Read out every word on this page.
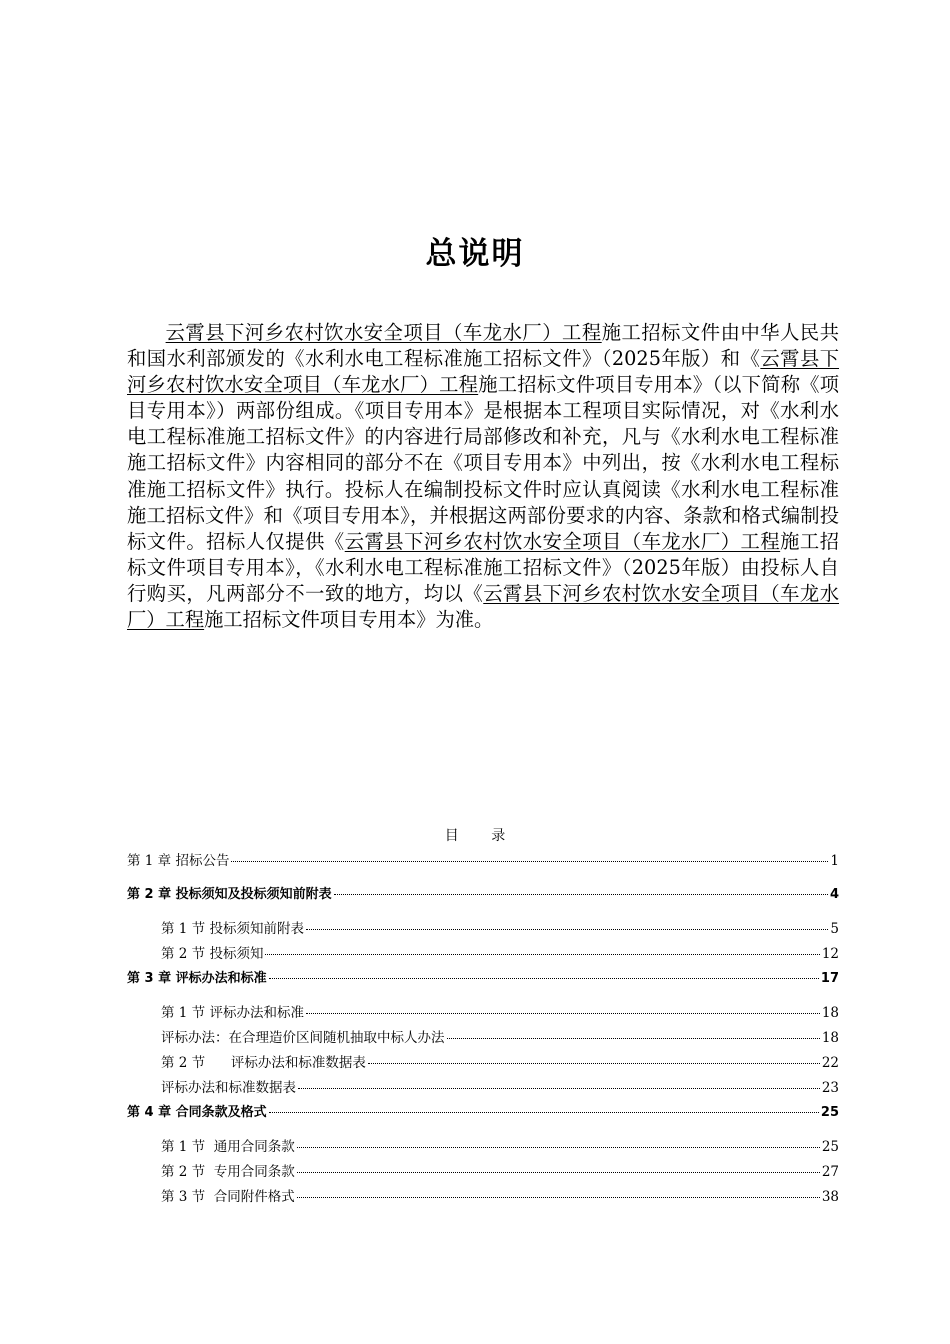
总说明

云霄县下河乡农村饮水安全项目（车龙水厂）工程施工招标文件由中华人民共和国水利部颁发的《水利水电工程标准施工招标文件》（2025年版）和《云霄县下河乡农村饮水安全项目（车龙水厂）工程施工招标文件项目专用本》（以下简称《项目专用本》）两部份组成。《项目专用本》是根据本工程项目实际情况，对《水利水电工程标准施工招标文件》的内容进行局部修改和补充，凡与《水利水电工程标准施工招标文件》内容相同的部分不在《项目专用本》中列出，按《水利水电工程标准施工招标文件》执行。投标人在编制投标文件时应认真阅读《水利水电工程标准施工招标文件》和《项目专用本》，并根据这两部份要求的内容、条款和格式编制投标文件。招标人仅提供《云霄县下河乡农村饮水安全项目（车龙水厂）工程施工招标文件项目专用本》，《水利水电工程标准施工招标文件》（2025年版）由投标人自行购买，凡两部分不一致的地方，均以《云霄县下河乡农村饮水安全项目（车龙水厂）工程施工招标文件项目专用本》为准。

目 录
第 1 章 招标公告	1
第 2 章 投标须知及投标须知前附表	4
第 1 节 投标须知前附表	5
第 2 节 投标须知	12
第 3 章 评标办法和标准	17
第 1 节 评标办法和标准	18
评标办法：在合理造价区间随机抽取中标人办法	18
第 2 节      评标办法和标准数据表	22
评标办法和标准数据表	23
第 4 章 合同条款及格式	25
第 1 节  通用合同条款	25
第 2 节  专用合同条款	27
第 3 节  合同附件格式	38
